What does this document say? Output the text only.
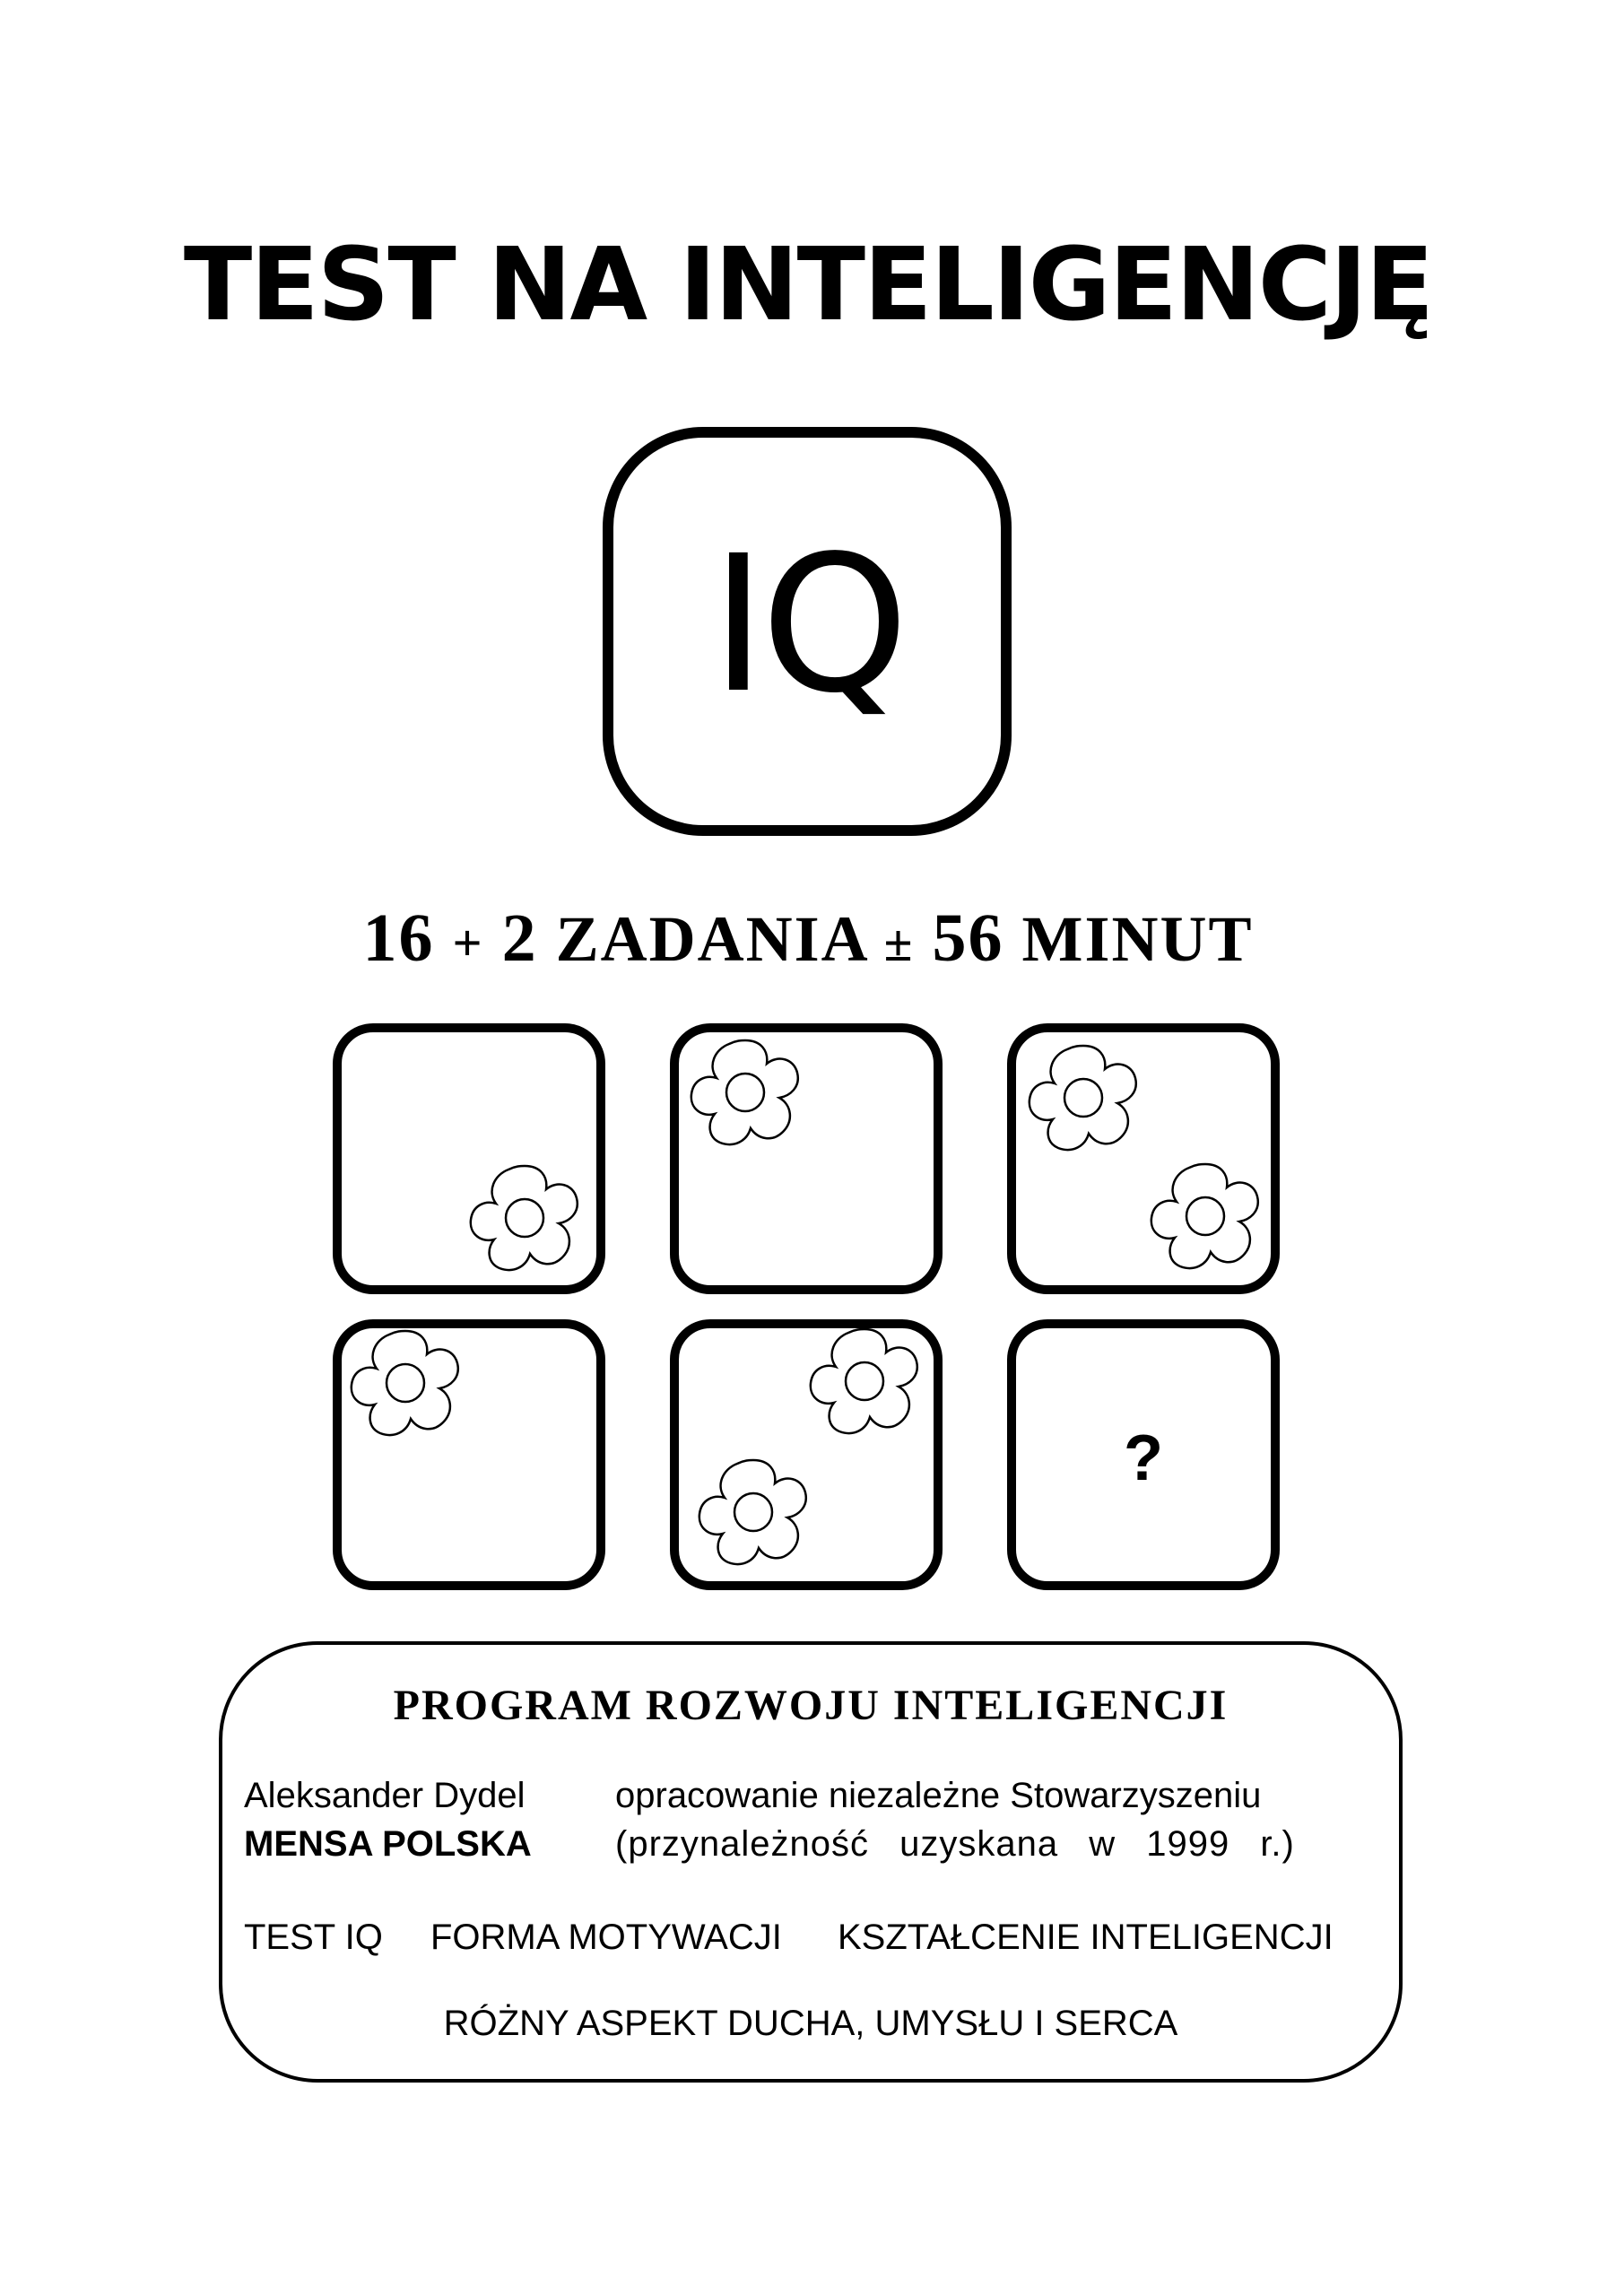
TEST NA INTELIGENCJĘ
IQ
16 + 2 ZADANIA ± 56 MINUT
?
PROGRAM ROZWOJU INTELIGENCJI
Aleksander Dydel	opracowanie niezależne Stowarzyszeniu
MENSA POLSKA (przynależność uzyskana w 1999 r.)
TEST IQ FORMA MOTYWACJI KSZTAŁCENIE INTELIGENCJI
RÓŻNY ASPEKT DUCHA, UMYSŁU I SERCA
